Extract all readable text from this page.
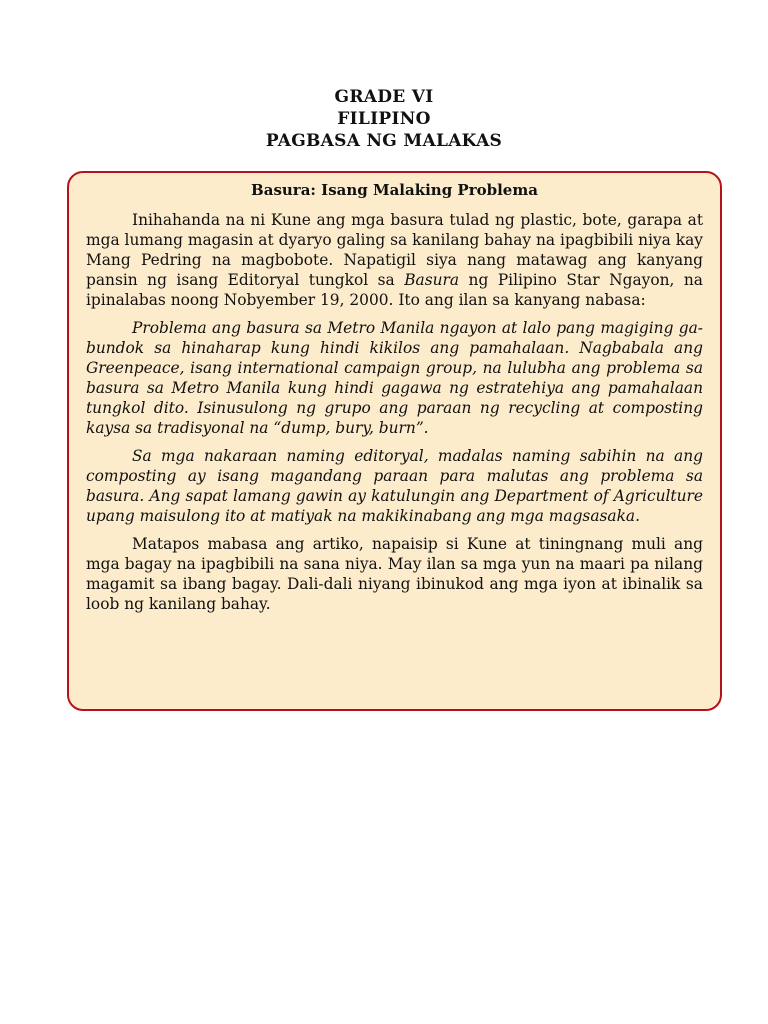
GRADE VI
FILIPINO
PAGBASA NG MALAKAS
Basura: Isang Malaking Problema

Inihahanda na ni Kune ang mga basura tulad ng plastic, bote, garapa at mga lumang magasin at dyaryo galing sa kanilang bahay na ipagbibili niya kay Mang Pedring na magbobote. Napatigil siya nang matawag ang kanyang pansin ng isang Editoryal tungkol sa Basura ng Pilipino Star Ngayon, na ipinalabas noong Nobyember 19, 2000. Ito ang ilan sa kanyang nabasa:

Problema ang basura sa Metro Manila ngayon at lalo pang magiging ga-bundok sa hinaharap kung hindi kikilos ang pamahalaan. Nagbabala ang Greenpeace, isang international campaign group, na lulubha ang problema sa basura sa Metro Manila kung hindi gagawa ng estratehiya ang pamahalaan tungkol dito. Isinusulong ng grupo ang paraan ng recycling at composting kaysa sa tradisyonal na “dump, bury, burn”.

Sa mga nakaraan naming editoryal, madalas naming sabihin na ang composting ay isang magandang paraan para malutas ang problema sa basura. Ang sapat lamang gawin ay katulungin ang Department of Agriculture upang maisulong ito at matiyak na makikinabang ang mga magsasaka.

Matapos mabasa ang artiko, napaisip si Kune at tiningnang muli ang mga bagay na ipagbibili na sana niya. May ilan sa mga yun na maari pa nilang magamit sa ibang bagay. Dali-dali niyang ibinukod ang mga iyon at ibinalik sa loob ng kanilang bahay.
